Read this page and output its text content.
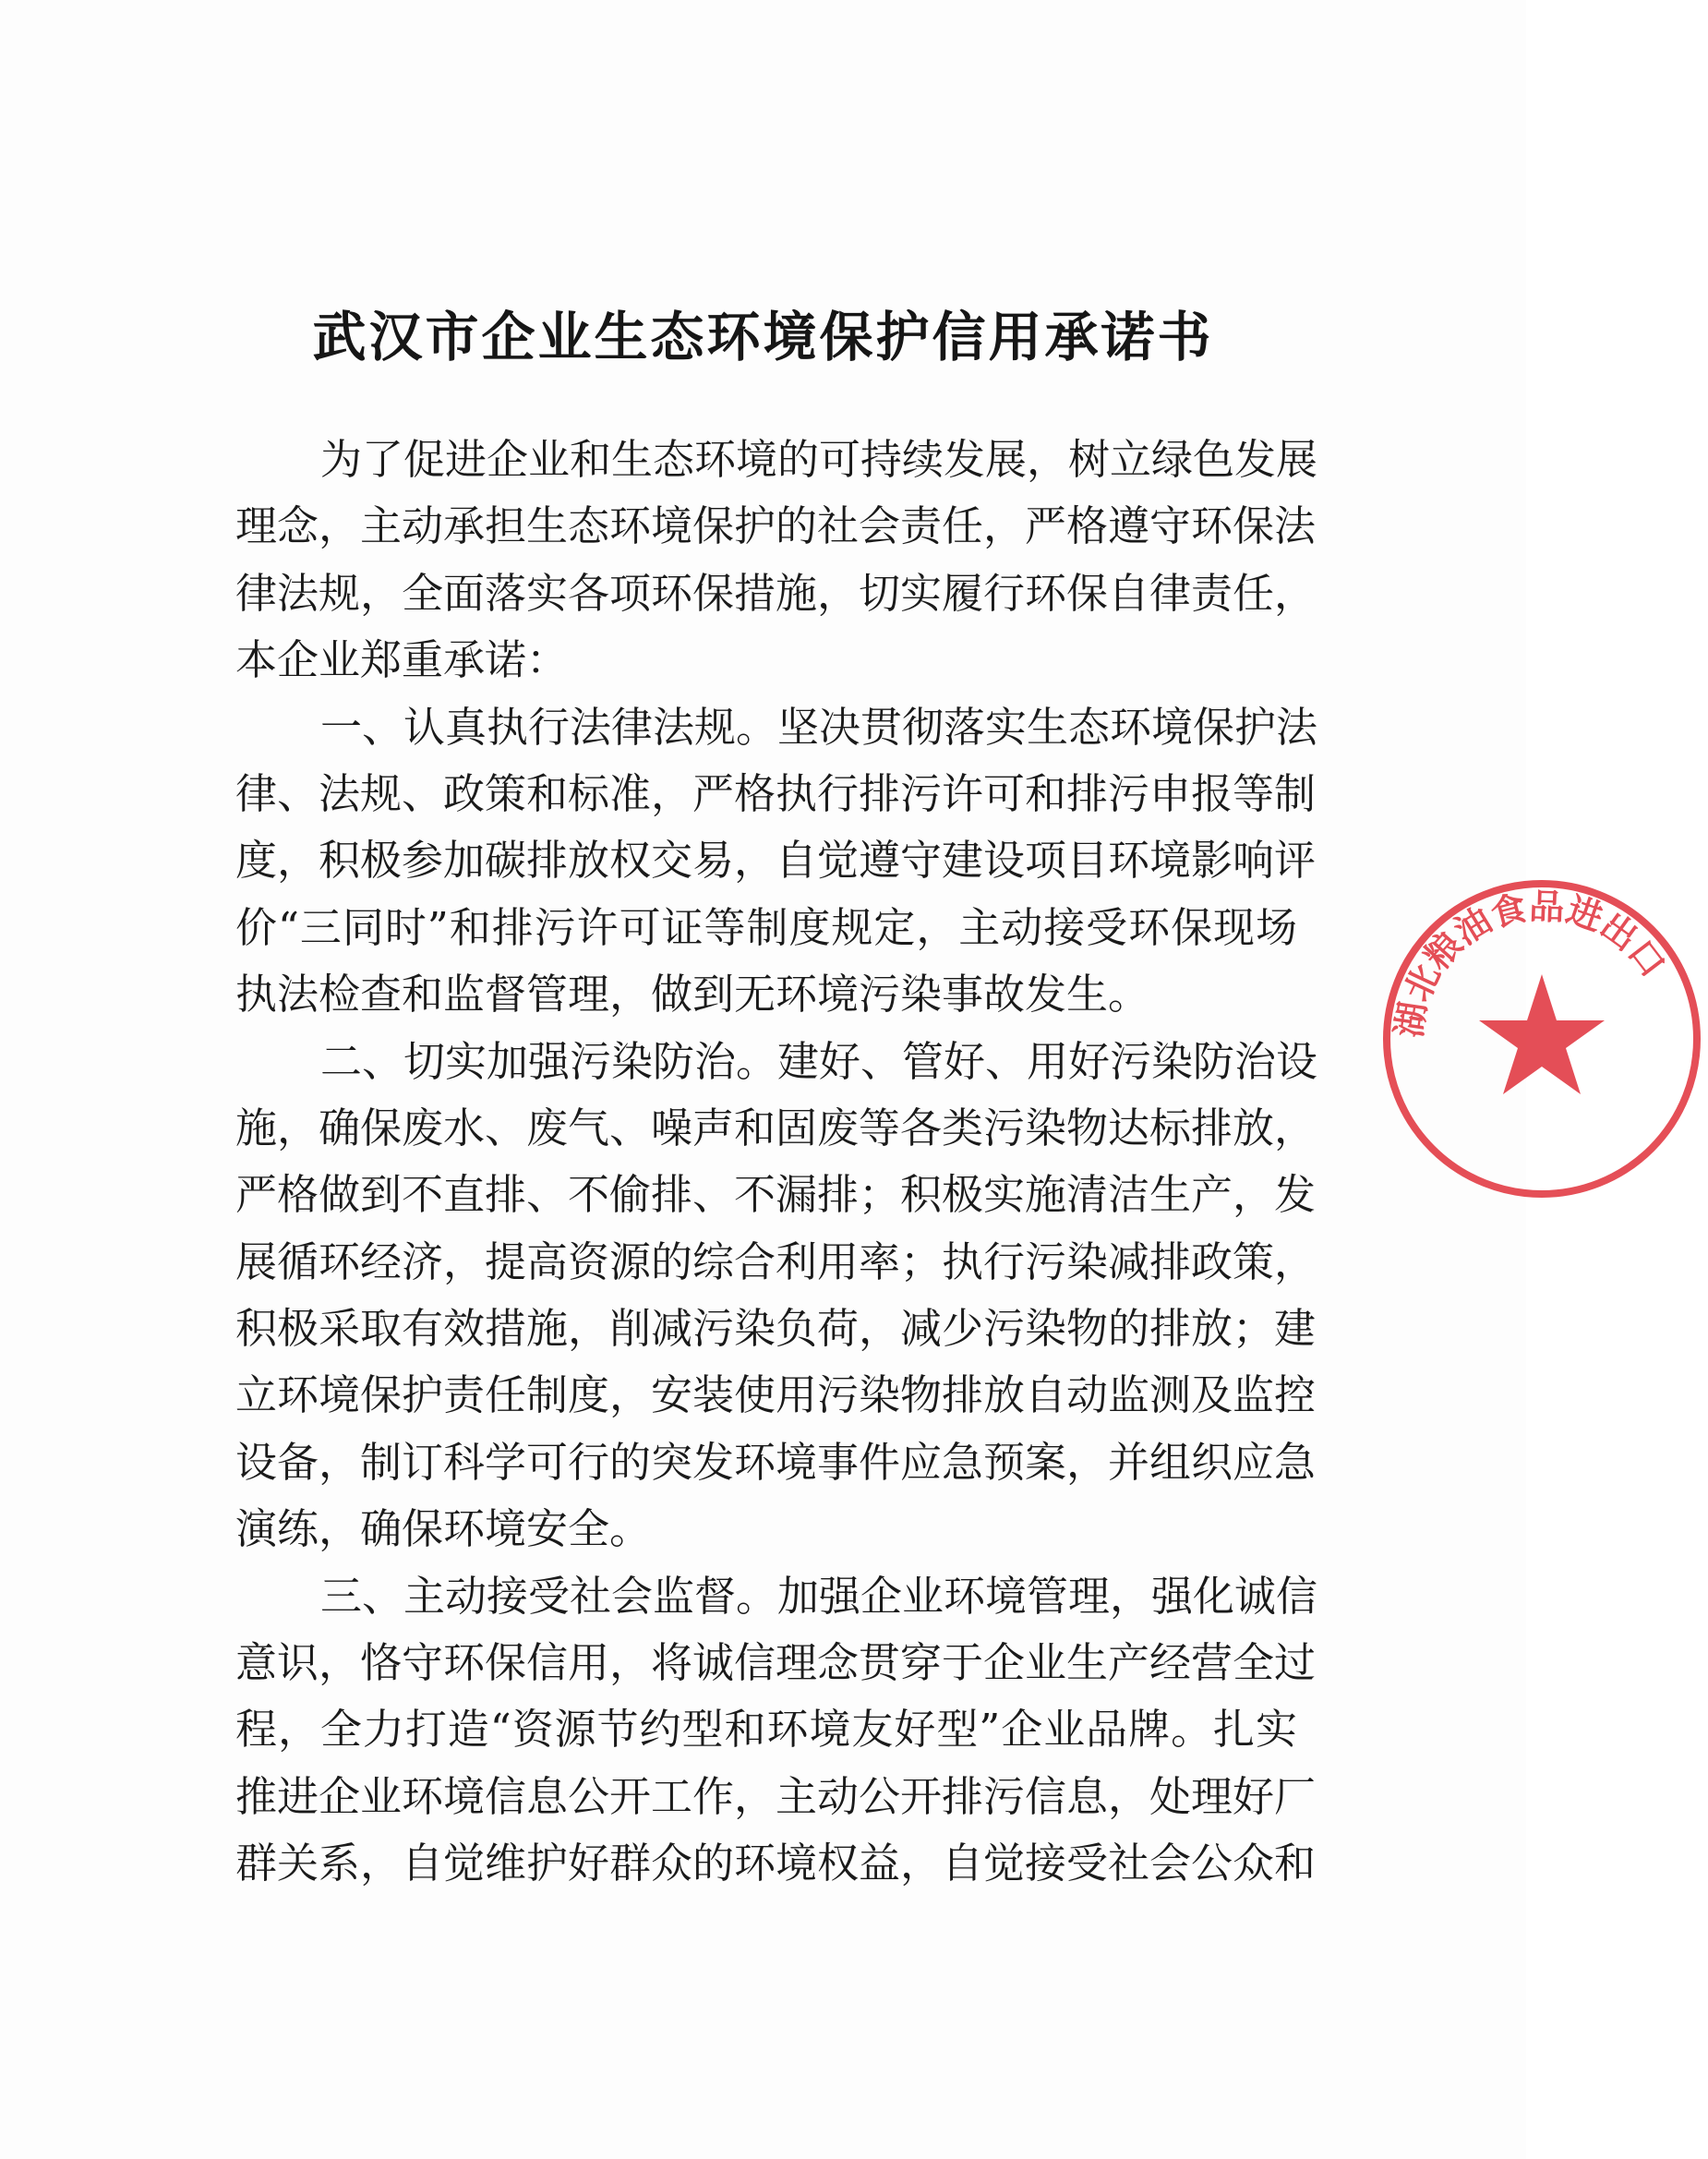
武汉市企业生态环境保护信用承诺书
为了促进企业和生态环境的可持续发展，树立绿色发展
理念，主动承担生态环境保护的社会责任，严格遵守环保法
律法规，全面落实各项环保措施，切实履行环保自律责任，
本企业郑重承诺：
一、认真执行法律法规。坚决贯彻落实生态环境保护法
律、法规、政策和标准，严格执行排污许可和排污申报等制
度，积极参加碳排放权交易，自觉遵守建设项目环境影响评
价“三同时”和排污许可证等制度规定，主动接受环保现场
执法检查和监督管理，做到无环境污染事故发生。
二、切实加强污染防治。建好、管好、用好污染防治设
施，确保废水、废气、噪声和固废等各类污染物达标排放，
严格做到不直排、不偷排、不漏排；积极实施清洁生产，发
展循环经济，提高资源的综合利用率；执行污染减排政策，
积极采取有效措施，削减污染负荷，减少污染物的排放；建
立环境保护责任制度，安装使用污染物排放自动监测及监控
设备，制订科学可行的突发环境事件应急预案，并组织应急
演练，确保环境安全。
三、主动接受社会监督。加强企业环境管理，强化诚信
意识，恪守环保信用，将诚信理念贯穿于企业生产经营全过
程，全力打造“资源节约型和环境友好型”企业品牌。扎实
推进企业环境信息公开工作，主动公开排污信息，处理好厂
群关系，自觉维护好群众的环境权益，自觉接受社会公众和
湖北粮油食品进出口
